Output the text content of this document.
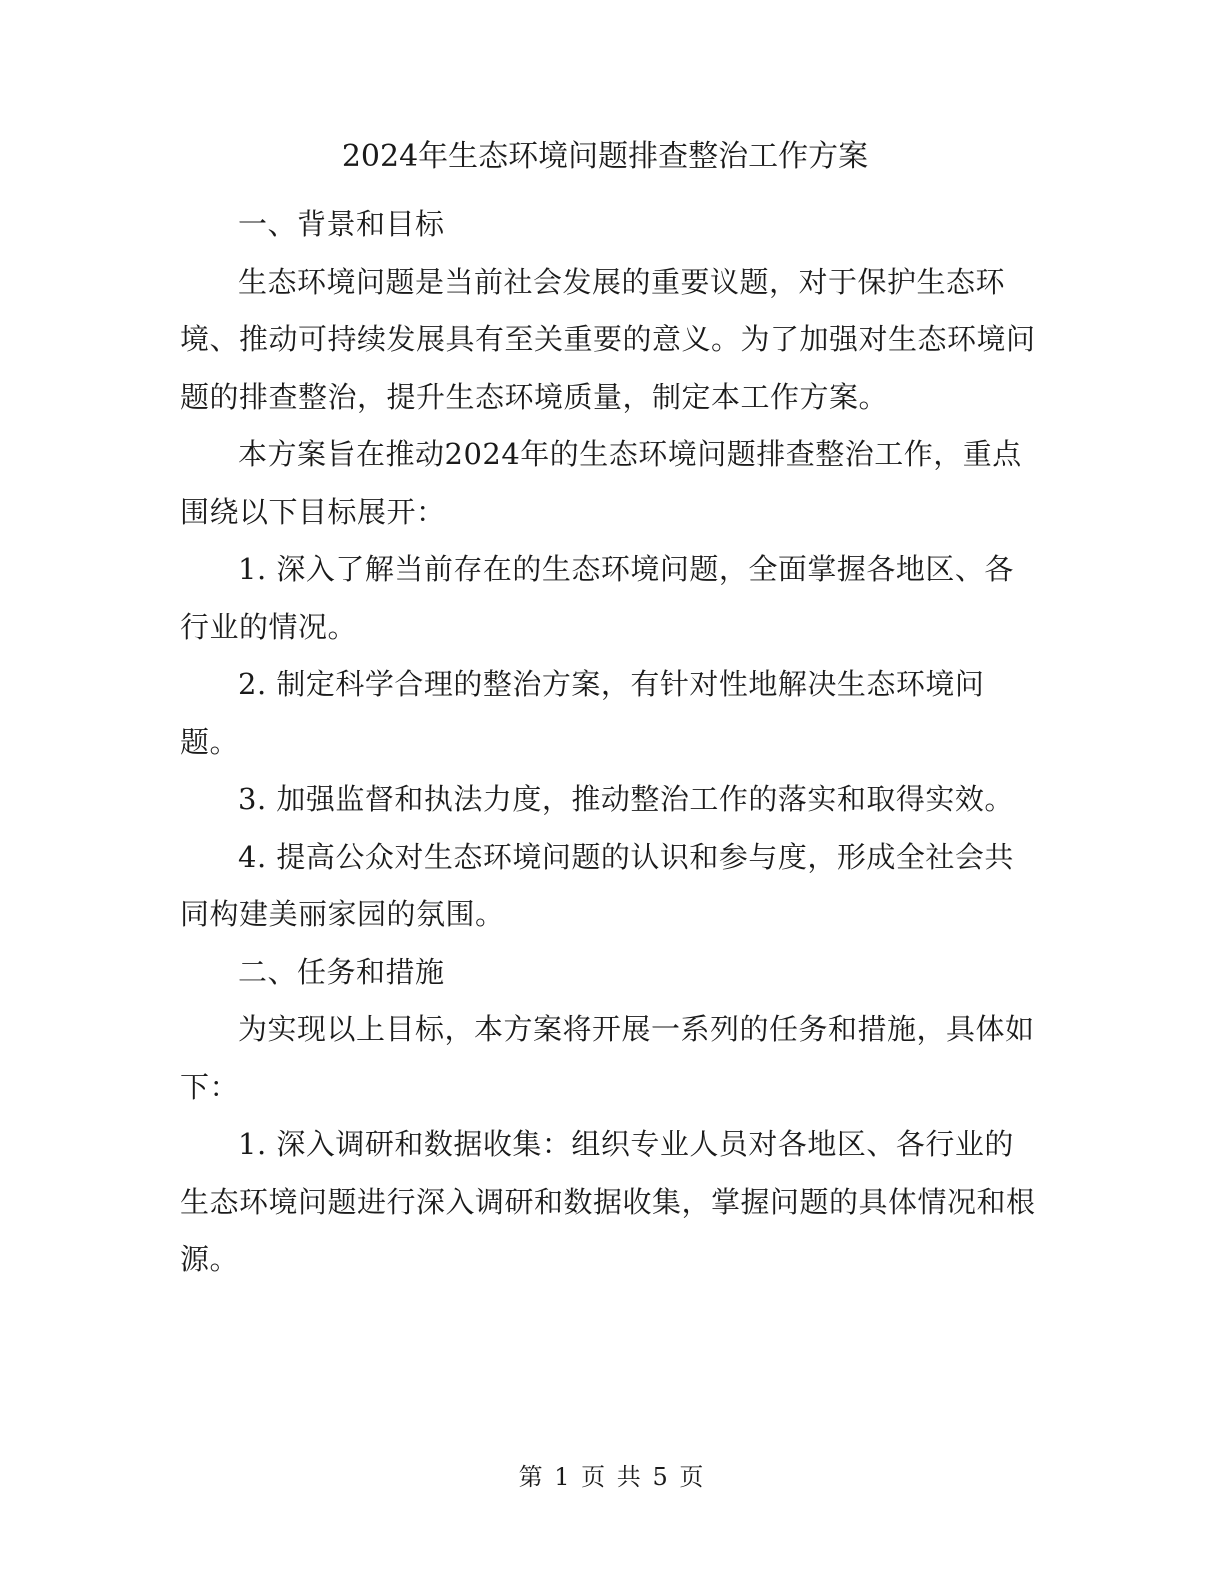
2024年生态环境问题排查整治工作方案

一、背景和目标

生态环境问题是当前社会发展的重要议题，对于保护生态环境、推动可持续发展具有至关重要的意义。为了加强对生态环境问题的排查整治，提升生态环境质量，制定本工作方案。

本方案旨在推动2024年的生态环境问题排查整治工作，重点围绕以下目标展开：

1. 深入了解当前存在的生态环境问题，全面掌握各地区、各行业的情况。

2. 制定科学合理的整治方案，有针对性地解决生态环境问题。

3. 加强监督和执法力度，推动整治工作的落实和取得实效。

4. 提高公众对生态环境问题的认识和参与度，形成全社会共同构建美丽家园的氛围。

二、任务和措施

为实现以上目标，本方案将开展一系列的任务和措施，具体如下：

1. 深入调研和数据收集：组织专业人员对各地区、各行业的生态环境问题进行深入调研和数据收集，掌握问题的具体情况和根源。

第 1 页 共 5 页
